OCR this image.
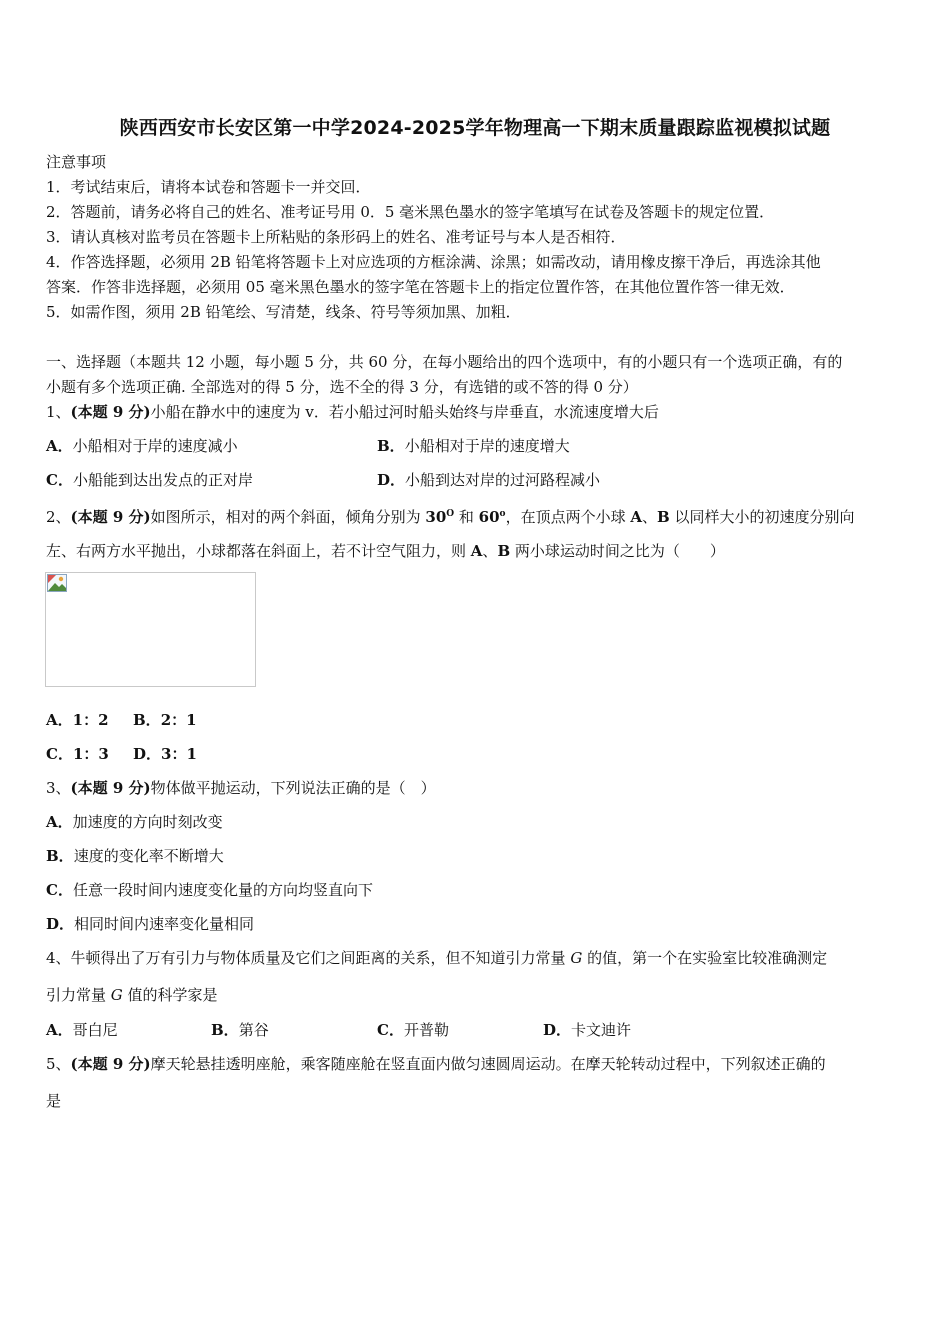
陕西西安市长安区第一中学2024-2025学年物理高一下期末质量跟踪监视模拟试题
注意事项
1．考试结束后，请将本试卷和答题卡一并交回．
2．答题前，请务必将自己的姓名、准考证号用 0．5 毫米黑色墨水的签字笔填写在试卷及答题卡的规定位置．
3．请认真核对监考员在答题卡上所粘贴的条形码上的姓名、准考证号与本人是否相符．
4．作答选择题，必须用 2B 铅笔将答题卡上对应选项的方框涂满、涂黑；如需改动，请用橡皮擦干净后，再选涂其他
答案．作答非选择题，必须用 05 毫米黑色墨水的签字笔在答题卡上的指定位置作答，在其他位置作答一律无效．
5．如需作图，须用 2B 铅笔绘、写清楚，线条、符号等须加黑、加粗．
一、选择题（本题共 12 小题，每小题 5 分，共 60 分，在每小题给出的四个选项中，有的小题只有一个选项正确，有的
小题有多个选项正确. 全部选对的得 5 分，选不全的得 3 分，有选错的或不答的得 0 分）
1、(本题 9 分)小船在静水中的速度为 v．若小船过河时船头始终与岸垂直，水流速度增大后
A．小船相对于岸的速度减小	B．小船相对于岸的速度增大
C．小船能到达出发点的正对岸	D．小船到达对岸的过河路程减小
2、(本题 9 分)如图所示，相对的两个斜面，倾角分别为 $30^O$ 和 60$^o$，在顶点两个小球 A、B 以同样大小的初速度分别向
左、右两方水平抛出，小球都落在斜面上，若不计空气阻力，则 A、B 两小球运动时间之比为（　　）
A．1：2 B．2：1
C．1：3 D．3：1
3、(本题 9 分)物体做平抛运动，下列说法正确的是（　）
A．加速度的方向时刻改变
B．速度的变化率不断增大
C．任意一段时间内速度变化量的方向均竖直向下
D．相同时间内速率变化量相同
4、牛顿得出了万有引力与物体质量及它们之间距离的关系，但不知道引力常量 G 的值，第一个在实验室比较准确测定
引力常量 G 值的科学家是
A．哥白尼	B．第谷	C．开普勒	D．卡文迪许
5、(本题 9 分)摩天轮悬挂透明座舱，乘客随座舱在竖直面内做匀速圆周运动。在摩天轮转动过程中，下列叙述正确的
是
